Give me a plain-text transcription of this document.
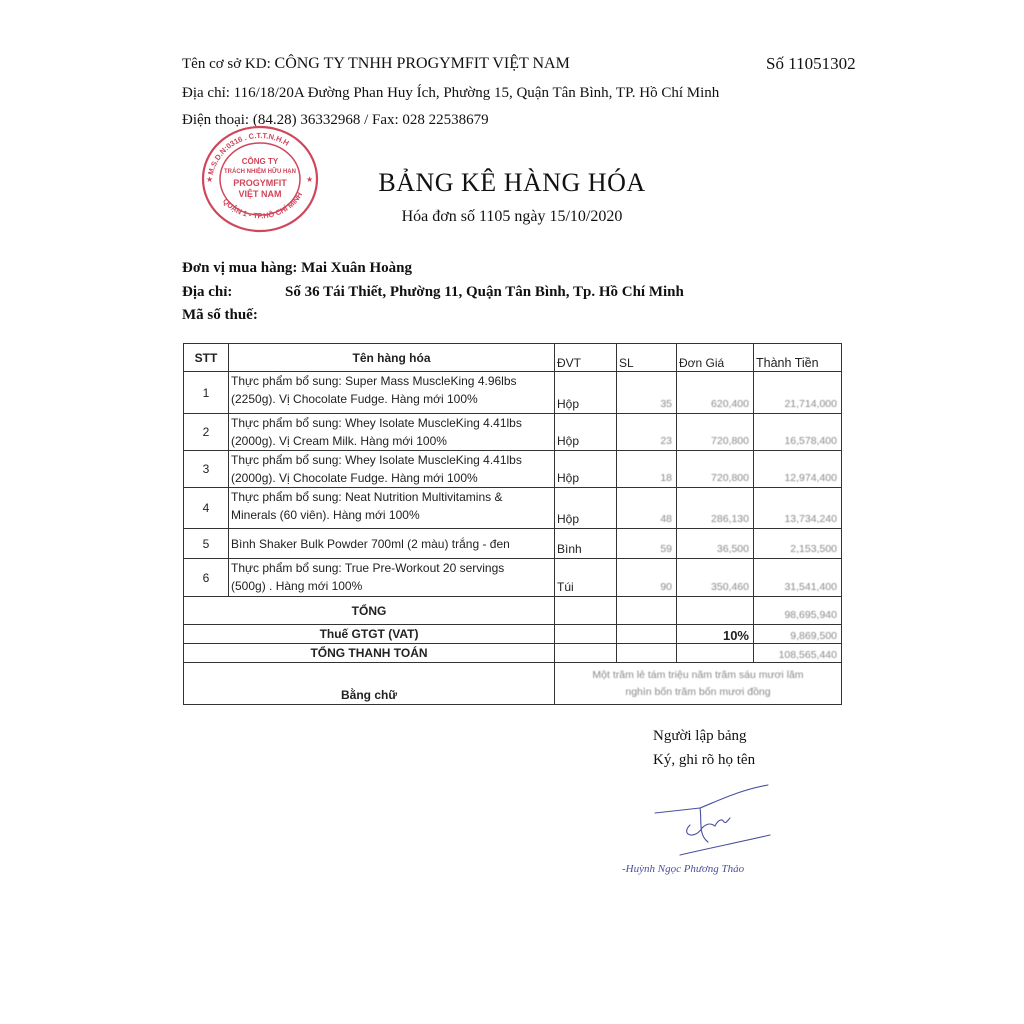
Tên cơ sở KD: CÔNG TY TNHH PROGYMFIT VIỆT NAM	Số 11051302
Địa chỉ: 116/18/20A Đường Phan Huy Ích, Phường 15, Quận Tân Bình, TP. Hồ Chí Minh
Điện thoại: (84.28) 36332968 / Fax: 028 22538679
★	★
M.S.D.N:0316 . C.T.T.N.H.H
QUẬN 1 - TP.HỒ CHÍ MINH
CÔNG TY
TRÁCH NHIỆM HỮU HẠN
PROGYMFIT
VIỆT NAM	BẢNG KÊ HÀNG HÓA
Hóa đơn số 1105 ngày 15/10/2020
Đơn vị mua hàng: Mai Xuân Hoàng
Địa chỉ:	Số 36 Tái Thiết, Phường 11, Quận Tân Bình, Tp. Hồ Chí Minh
Mã số thuế:
STT	Tên hàng hóa	ĐVT	SL	Đơn Giá	Thành Tiền
1	Thực phẩm bổ sung: Super Mass MuscleKing 4.96lbs
(2250g). Vị Chocolate Fudge. Hàng mới 100%	Hộp	35	620,400	21,714,000
2	Thực phẩm bổ sung: Whey Isolate MuscleKing 4.41lbs
(2000g). Vị Cream Milk. Hàng mới 100%	Hộp	23	720,800	16,578,400
3	Thực phẩm bổ sung: Whey Isolate MuscleKing 4.41lbs
(2000g). Vị Chocolate Fudge. Hàng mới 100%	Hộp	18	720,800	12,974,400
4	Thực phẩm bổ sung: Neat Nutrition Multivitamins &
Minerals (60 viên). Hàng mới 100%	Hộp	48	286,130	13,734,240
5	Bình Shaker Bulk Powder 700ml (2 màu) trắng - đen	Bình	59	36,500	2,153,500
6	Thực phẩm bổ sung: True Pre-Workout 20 servings
(500g) . Hàng mới 100%	Túi	90	350,460	31,541,400
TỔNG					98,695,940
Thuế GTGT (VAT)				10%	9,869,500
TỔNG THANH TOÁN					108,565,440
Bằng chữ		Một trăm lẻ tám triệu năm trăm sáu mươi lăm
nghìn bốn trăm bốn mươi đồng			
Người lập bảng
Ký, ghi rõ họ tên
-Huỳnh Ngọc Phương Thảo
